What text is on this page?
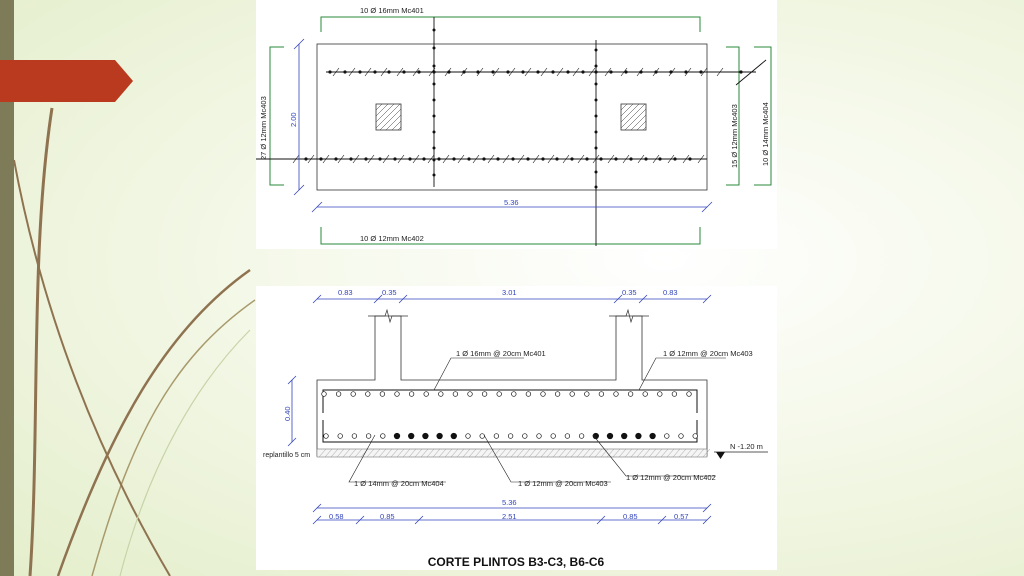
10 Ø 16mm Mc401
10 Ø 12mm Mc402
27 Ø 12mm Mc403	15 Ø 12mm Mc403	10 Ø 14mm Mc404
2.00
5.36
0.83	0.35	3.01	0.35	0.83
0.40
1 Ø 16mm @ 20cm Mc401	1 Ø 12mm @ 20cm Mc403
1 Ø 14mm @ 20cm Mc404	1 Ø 12mm @ 20cm Mc403
1 Ø 12mm @ 20cm Mc402
N -1.20 m
replantillo 5 cm
5.36
0.58	0.85	2.51	0.85	0.57
CORTE PLINTOS B3-C3, B6-C6
